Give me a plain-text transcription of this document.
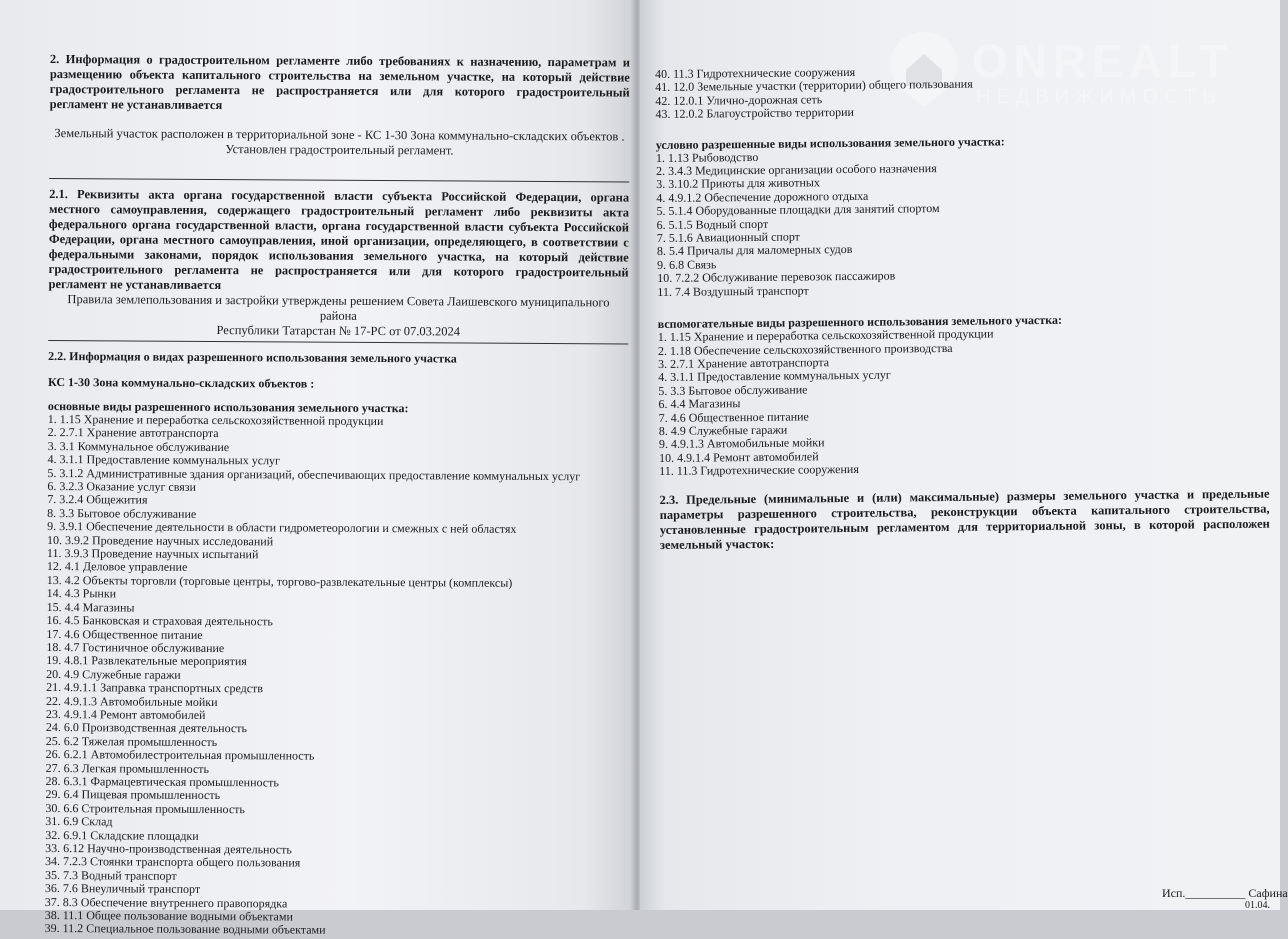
2. Информация о градостроительном регламенте либо требованиях к назначению, параметрам и размещению объекта капитального строительства на земельном участке, на который действие градостроительного регламента не распространяется или для которого градостроительный регламент не устанавливается

Земельный участок расположен в территориальной зоне - КС 1-30 Зона коммунально-складских объектов . Установлен градостроительный регламент.

2.1. Реквизиты акта органа государственной власти субъекта Российской Федерации, органа местного самоуправления, содержащего градостроительный регламент либо реквизиты акта федерального органа государственной власти, органа государственной власти субъекта Российской Федерации, органа местного самоуправления, иной организации, определяющего, в соответствии с федеральными законами, порядок использования земельного участка, на который действие градостроительного регламента не распространяется или для которого градостроительный регламент не устанавливается

Правила землепользования и застройки утверждены решением Совета Лаишевского муниципального района

Республики Татарстан № 17-РС от 07.03.2024

2.2. Информация о видах разрешенного использования земельного участка

КС 1-30 Зона коммунально-складских объектов :

основные виды разрешенного использования земельного участка:

1. 1.15 Хранение и переработка сельскохозяйственной продукции
2. 2.7.1 Хранение автотранспорта
3. 3.1 Коммунальное обслуживание
4. 3.1.1 Предоставление коммунальных услуг
5. 3.1.2 Административные здания организаций, обеспечивающих предоставление коммунальных услуг
6. 3.2.3 Оказание услуг связи
7. 3.2.4 Общежития
8. 3.3 Бытовое обслуживание
9. 3.9.1 Обеспечение деятельности в области гидрометеорологии и смежных с ней областях
10. 3.9.2 Проведение научных исследований
11. 3.9.3 Проведение научных испытаний
12. 4.1 Деловое управление
13. 4.2 Объекты торговли (торговые центры, торгово-развлекательные центры (комплексы)
14. 4.3 Рынки
15. 4.4 Магазины
16. 4.5 Банковская и страховая деятельность
17. 4.6 Общественное питание
18. 4.7 Гостиничное обслуживание
19. 4.8.1 Развлекательные мероприятия
20. 4.9 Служебные гаражи
21. 4.9.1.1 Заправка транспортных средств
22. 4.9.1.3 Автомобильные мойки
23. 4.9.1.4 Ремонт автомобилей
24. 6.0 Производственная деятельность
25. 6.2 Тяжелая промышленность
26. 6.2.1 Автомобилестроительная промышленность
27. 6.3 Легкая промышленность
28. 6.3.1 Фармацевтическая промышленность
29. 6.4 Пищевая промышленность
30. 6.6 Строительная промышленность
31. 6.9 Склад
32. 6.9.1 Складские площадки
33. 6.12 Научно-производственная деятельность
34. 7.2.3 Стоянки транспорта общего пользования
35. 7.3 Водный транспорт
36. 7.6 Внеуличный транспорт
37. 8.3 Обеспечение внутреннего правопорядка
38. 11.1 Общее пользование водными объектами
39. 11.2 Специальное пользование водными объектами
ONREALT
НЕДВИЖИМОСТЬ
40. 11.3 Гидротехнические сооружения
41. 12.0 Земельные участки (территории) общего пользования
42. 12.0.1 Улично-дорожная сеть
43. 12.0.2 Благоустройство территории

условно разрешенные виды использования земельного участка:

1. 1.13 Рыбоводство
2. 3.4.3 Медицинские организации особого назначения
3. 3.10.2 Приюты для животных
4. 4.9.1.2 Обеспечение дорожного отдыха
5. 5.1.4 Оборудованные площадки для занятий спортом
6. 5.1.5 Водный спорт
7. 5.1.6 Авиационный спорт
8. 5.4 Причалы для маломерных судов
9. 6.8 Связь
10. 7.2.2 Обслуживание перевозок пассажиров
11. 7.4 Воздушный транспорт

вспомогательные виды разрешенного использования земельного участка:

1. 1.15 Хранение и переработка сельскохозяйственной продукции
2. 1.18 Обеспечение сельскохозяйственного производства
3. 2.7.1 Хранение автотранспорта
4. 3.1.1 Предоставление коммунальных услуг
5. 3.3 Бытовое обслуживание
6. 4.4 Магазины
7. 4.6 Общественное питание
8. 4.9 Служебные гаражи
9. 4.9.1.3 Автомобильные мойки
10. 4.9.1.4 Ремонт автомобилей
11. 11.3 Гидротехнические сооружения

2.3. Предельные (минимальные и (или) максимальные) размеры земельного участка и предельные параметры разрешенного строительства, реконструкции объекта капитального строительства, установленные градостроительным регламентом для территориальной зоны, в которой расположен земельный участок:

Исп.__________ Сафина
01.04.
